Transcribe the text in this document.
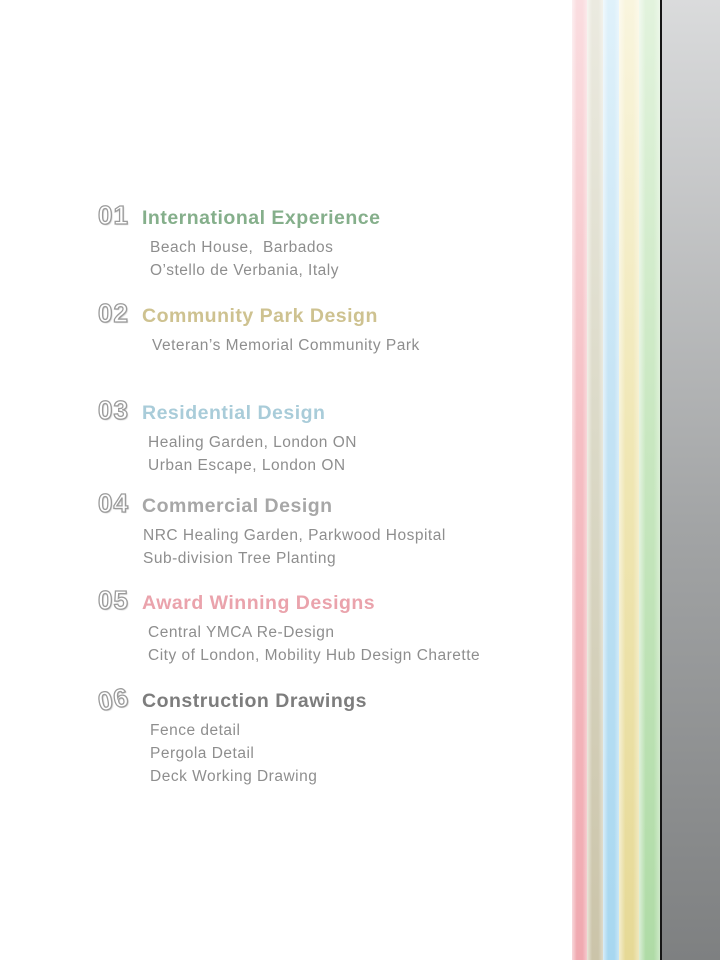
01 International Experience
Beach House,  Barbados
O’stello de Verbania, Italy
02 Community Park Design
Veteran’s Memorial Community Park
03 Residential Design
Healing Garden, London ON
Urban Escape, London ON
04 Commercial Design
NRC Healing Garden, Parkwood Hospital
Sub-division Tree Planting
05 Award Winning Designs
Central YMCA Re-Design
City of London, Mobility Hub Design Charette
06 Construction Drawings
Fence detail
Pergola Detail
Deck Working Drawing
